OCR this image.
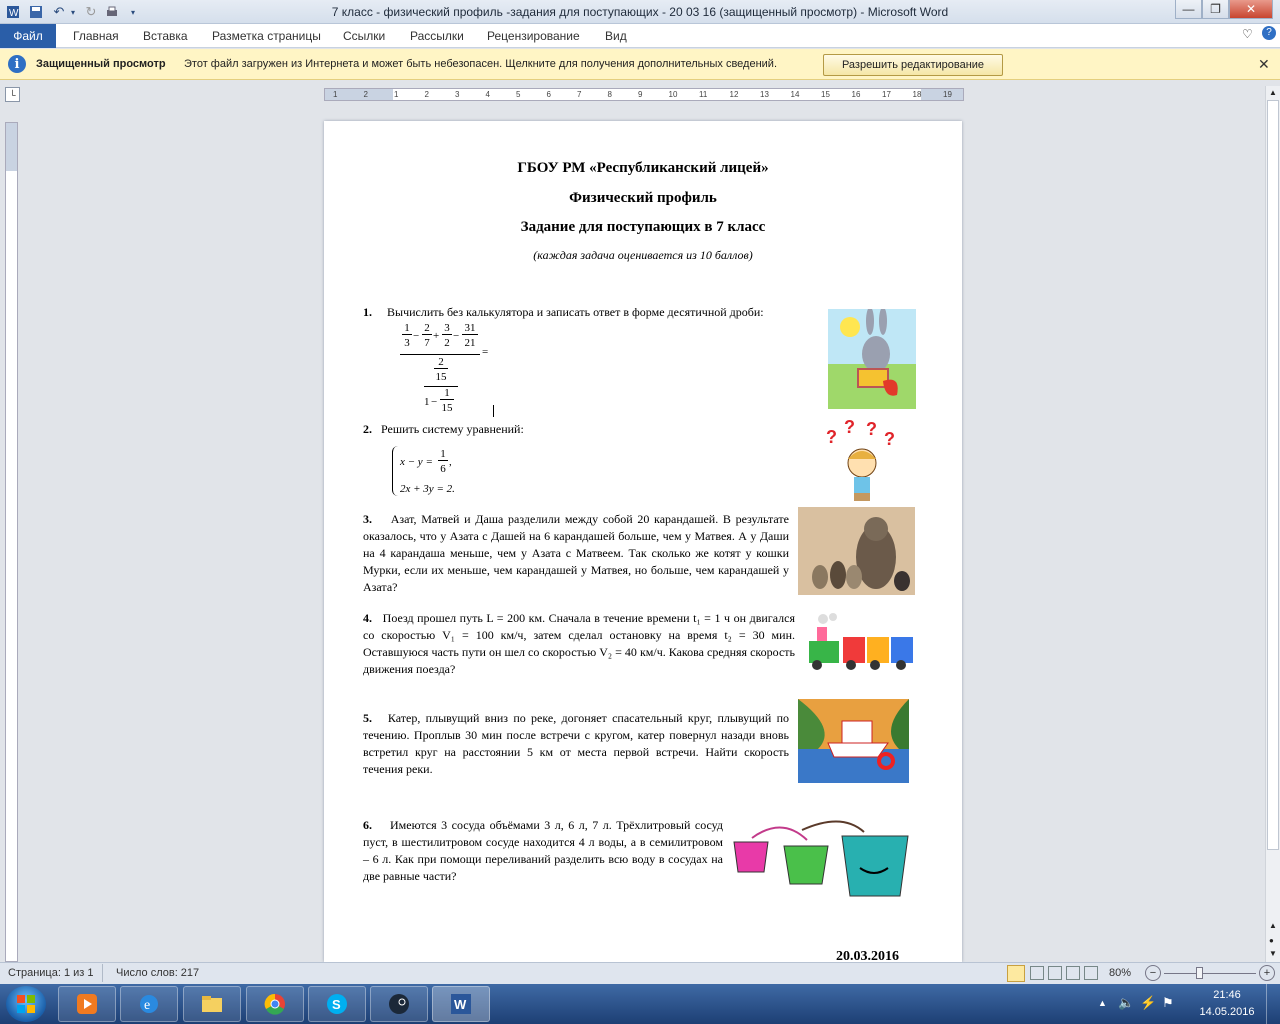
7 класс - физический профиль -задания для поступающих - 20 03 16 (защищенный просмотр) - Microsoft Word
W	↶ ▾ ↻	▾	—	❐	✕
Файл	Главная Вставка Разметка страницы Ссылки Рассылки Рецензирование Вид	♡	?
i	Защищенный просмотр Этот файл загружен из Интернета и может быть небезопасен. Щелкните для получения дополнительных сведений.	Разрешить редактирование	✕
└	1	2	1	2	3	4	5	6	7	8	9	10	11	12	13	14	15	16	17	18	19	▲
▲
●
▼
ГБОУ РМ «Республиканский лицей»
Физический профиль
Задание для поступающих в 7 класс
(каждая задача оценивается из 10 баллов)
1. Вычислить без калькулятора и записать ответ в форме десятичной дроби:
1
3
−
2
7
+
3
2
−
31
21
=
2
15
1 −
1
15
2. Решить систему уравнений:
x − y =
1
6
,
2x + 3y = 2.
? ? ? ?
3. Азат, Матвей и Даша разделили между собой 20 карандашей. В результате оказалось, что у Азата с Дашей на 6 карандашей больше, чем у Матвея. А у Даши на 4 карандаша меньше, чем у Азата с Матвеем. Так сколько же котят у кошки Мурки, если их меньше, чем карандашей у Матвея, но больше, чем карандашей у Азата?
4. Поезд прошел путь L = 200 км. Сначала в течение времени t₁ = 1 ч он двигался со скоростью V₁ = 100 км/ч, затем сделал остановку на время t₂ = 30 мин. Оставшуюся часть пути он шел со скоростью V₂ = 40 км/ч. Какова средняя скорость движения поезда?
5. Катер, плывущий вниз по реке, догоняет спасательный круг, плывущий по течению. Проплыв 30 мин после встречи с кругом, катер повернул назади вновь встретил круг на расстоянии 5 км от места первой встречи. Найти скорость течения реки.
6. Имеются 3 сосуда объёмами 3 л, 6 л, 7 л. Трёхлитровый сосуд пуст, в шестилитровом сосуде находится 4 л воды, а в семилитровом – 6 л. Как при помощи переливаний разделить всю воду в сосудах на две равные части?
20.03.2016
Страница: 1 из 1 Число слов: 217	80%	−	+
e	S	W	▲ 🔈 ⚡ ⚑	21:46
14.05.2016
